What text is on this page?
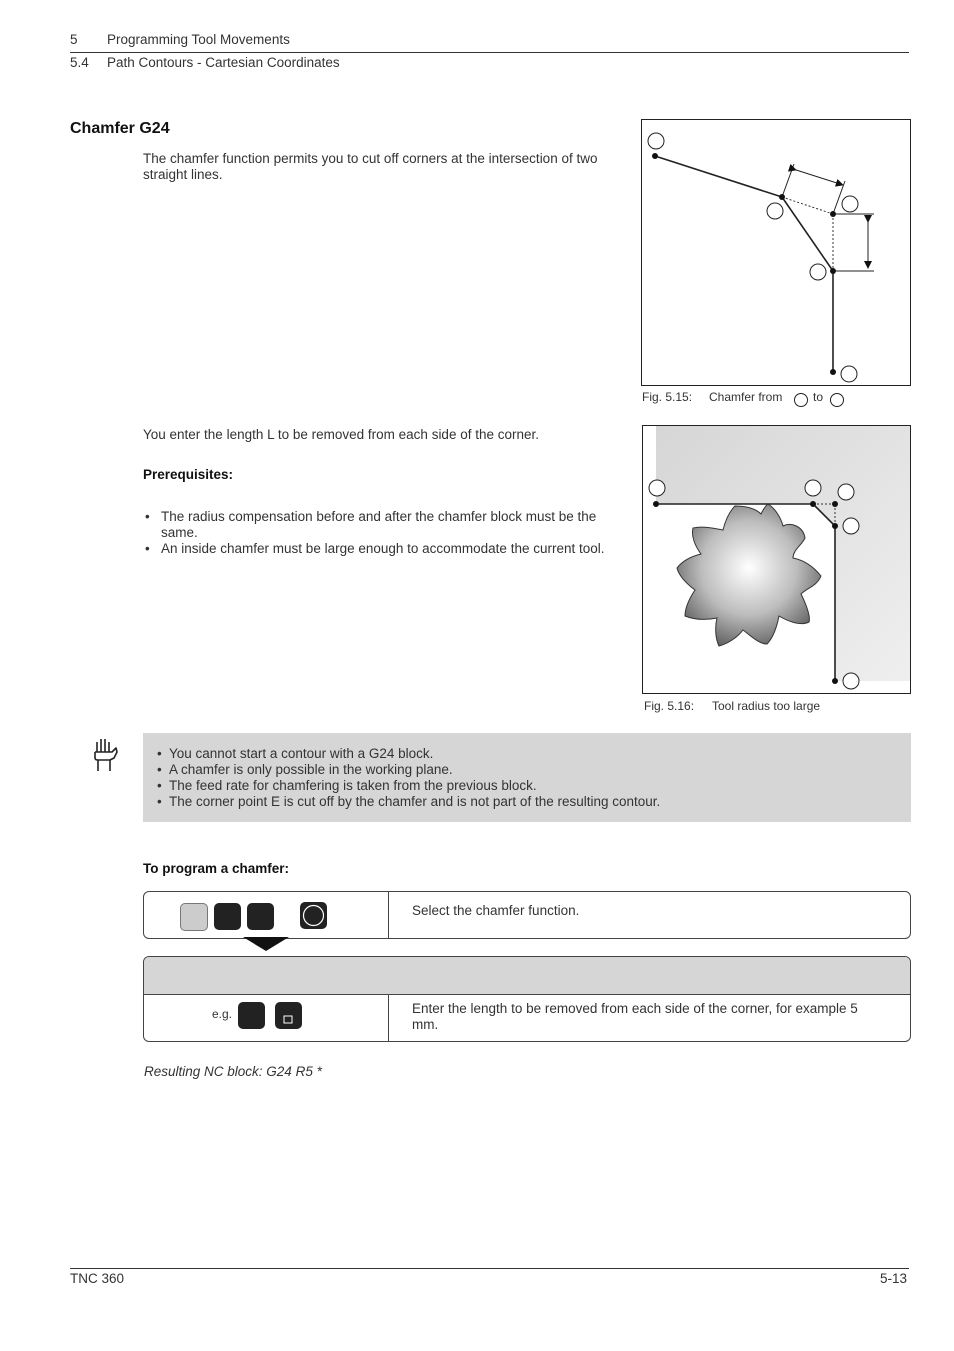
5 Programming Tool Movements
5.4 Path Contours - Cartesian Coordinates
Chamfer G24
The chamfer function permits you to cut off corners at the intersection of two straight lines.
Fig. 5.15: Chamfer from	to
You enter the length L to be removed from each side of the corner.
Prerequisites:
• The radius compensation before and after the chamfer block must be the same.
• An inside chamfer must be large enough to accommodate the current tool.
Fig. 5.16: Tool radius too large
• You cannot start a contour with a G24 block.
• A chamfer is only possible in the working plane.
• The feed rate for chamfering is taken from the previous block.
• The corner point E is cut off by the chamfer and is not part of the resulting contour.
To program a chamfer:
Select the chamfer function.
e.g.	Enter the length to be removed from each side of the corner, for example 5 mm.
Resulting NC block: G24 R5 *
TNC 360	5-13
